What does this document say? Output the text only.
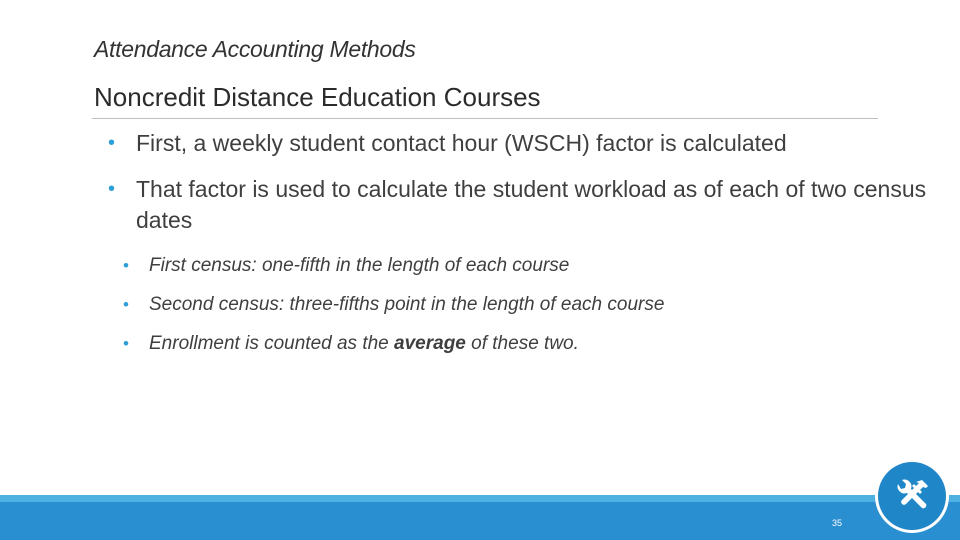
Attendance Accounting Methods
Noncredit Distance Education Courses
• First, a weekly student contact hour (WSCH) factor is calculated
• That factor is used to calculate the student workload as of each of two census dates
• First census: one-fifth in the length of each course
• Second census: three-fifths point in the length of each course
• Enrollment is counted as the average of these two.
35
